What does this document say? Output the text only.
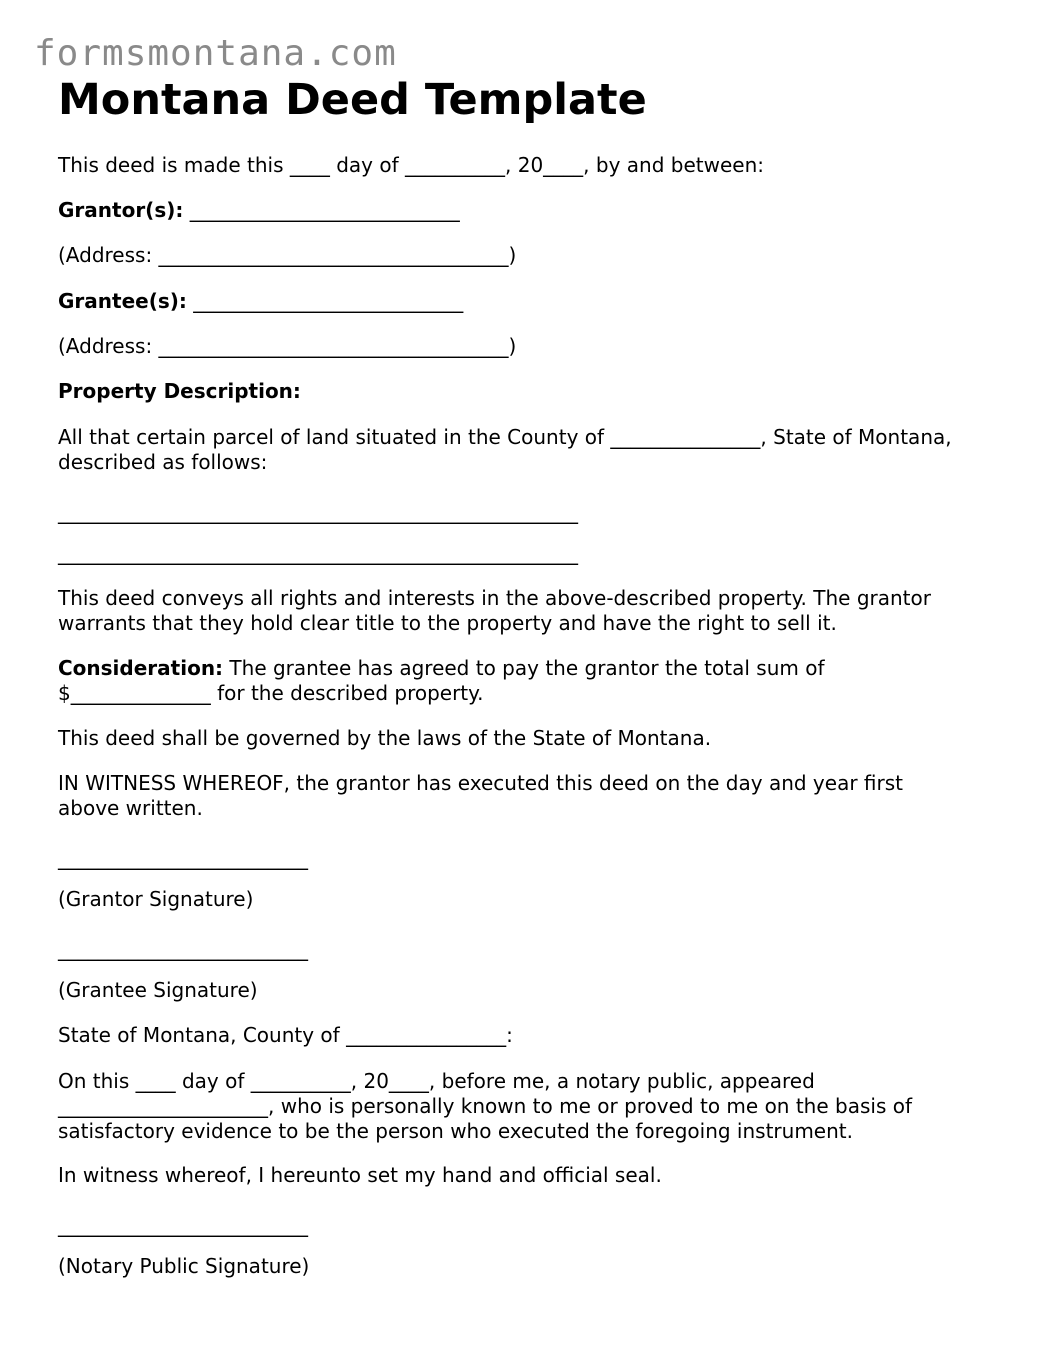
formsmontana.com
Montana Deed Template
This deed is made this ____ day of __________, 20____, by and between:
Grantor(s): ___________________________
(Address: ___________________________________)
Grantee(s): ___________________________
(Address: ___________________________________)
Property Description:
All that certain parcel of land situated in the County of _______________, State of Montana,
described as follows:
____________________________________________________
____________________________________________________
This deed conveys all rights and interests in the above-described property. The grantor
warrants that they hold clear title to the property and have the right to sell it.
Consideration: The grantee has agreed to pay the grantor the total sum of
$______________ for the described property.
This deed shall be governed by the laws of the State of Montana.
IN WITNESS WHEREOF, the grantor has executed this deed on the day and year first
above written.
_________________________
(Grantor Signature)
_________________________
(Grantee Signature)
State of Montana, County of ________________:
On this ____ day of __________, 20____, before me, a notary public, appeared
_____________________, who is personally known to me or proved to me on the basis of
satisfactory evidence to be the person who executed the foregoing instrument.
In witness whereof, I hereunto set my hand and official seal.
_________________________
(Notary Public Signature)
